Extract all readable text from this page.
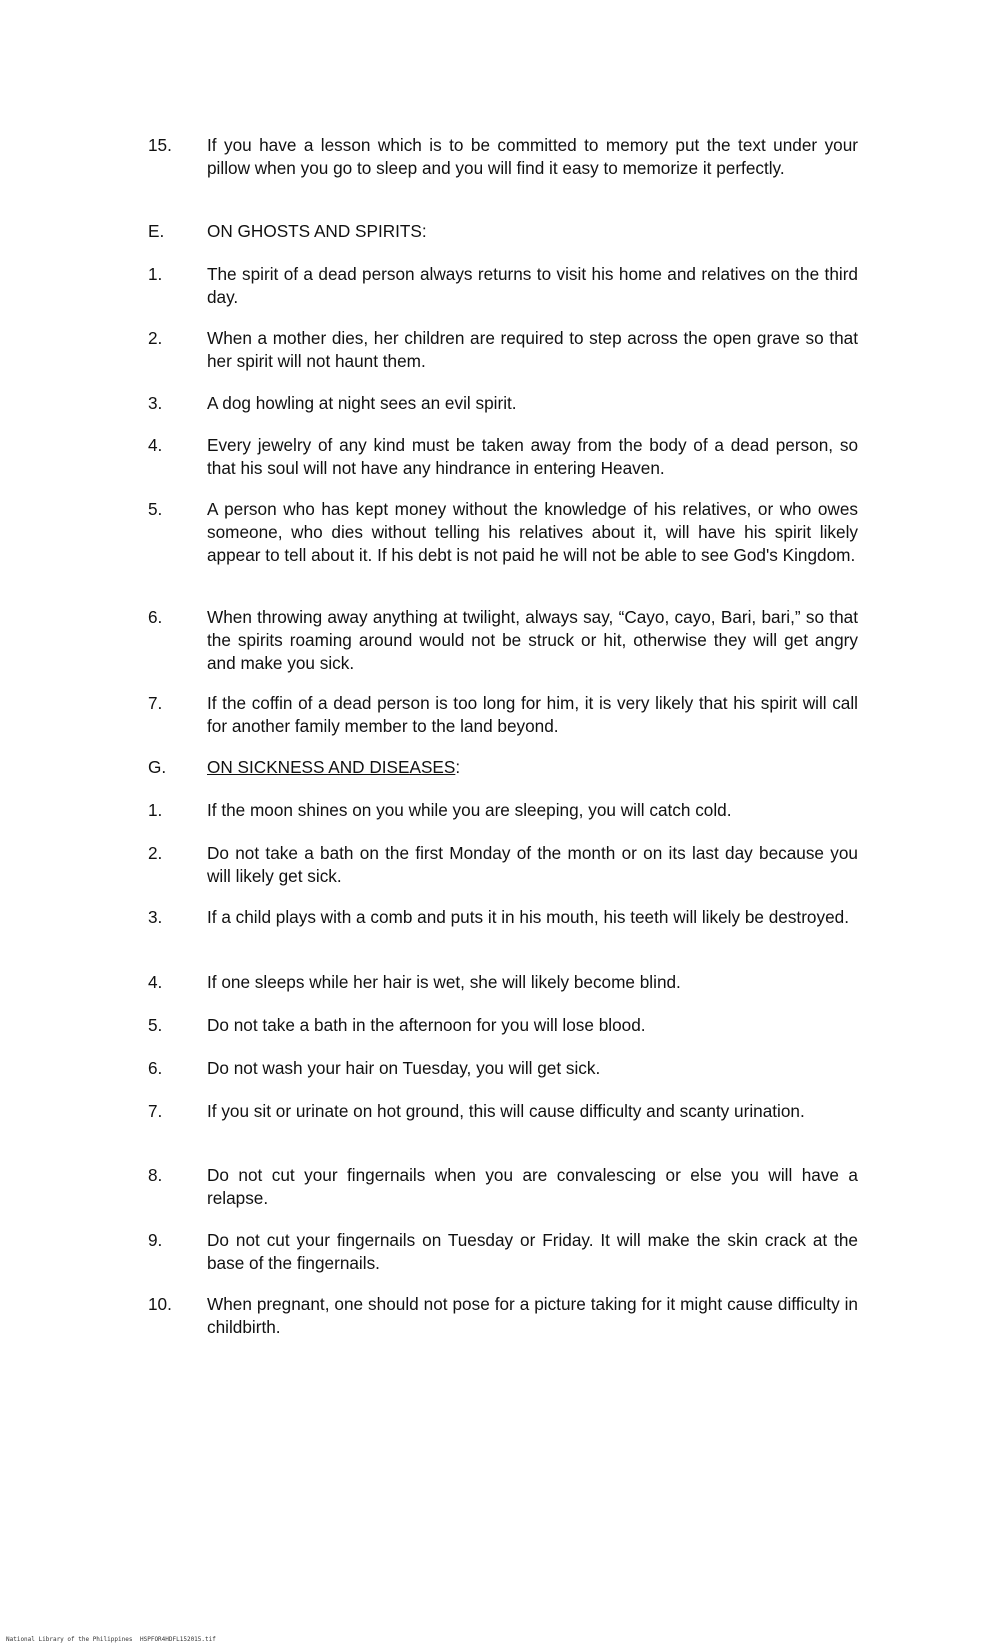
15.	If you have a lesson which is to be committed to memory put the text under your pillow when you go to sleep and you will find it easy to memorize it perfectly.
E.	ON GHOSTS AND SPIRITS:
1.	The spirit of a dead person always returns to visit his home and relatives on the third day.
2.	When a mother dies, her children are required to step across the open grave so that her spirit will not haunt them.
3.	A dog howling at night sees an evil spirit.
4.	Every jewelry of any kind must be taken away from the body of a dead person, so that his soul will not have any hindrance in entering Heaven.
5.	A person who has kept money without the knowledge of his relatives, or who owes someone, who dies without telling his relatives about it, will have his spirit likely appear to tell about it. If his debt is not paid he will not be able to see God's Kingdom.
6.	When throwing away anything at twilight, always say, “Cayo, cayo, Bari, bari,” so that the spirits roaming around would not be struck or hit, otherwise they will get angry and make you sick.
7.	If the coffin of a dead person is too long for him, it is very likely that his spirit will call for another family member to the land beyond.
G.	ON SICKNESS AND DISEASES:
1.	If the moon shines on you while you are sleeping, you will catch cold.
2.	Do not take a bath on the first Monday of the month or on its last day because you will likely get sick.
3.	If a child plays with a comb and puts it in his mouth, his teeth will likely be destroyed.
4.	If one sleeps while her hair is wet, she will likely become blind.
5.	Do not take a bath in the afternoon for you will lose blood.
6.	Do not wash your hair on Tuesday, you will get sick.
7.	If you sit or urinate on hot ground, this will cause difficulty and scanty urination.
8.	Do not cut your fingernails when you are convalescing or else you will have a relapse.
9.	Do not cut your fingernails on Tuesday or Friday. It will make the skin crack at the base of the fingernails.
10.	When pregnant, one should not pose for a picture taking for it might cause difficulty in childbirth.
National Library of the Philippines HSPFOR4HDFL152015.tif
